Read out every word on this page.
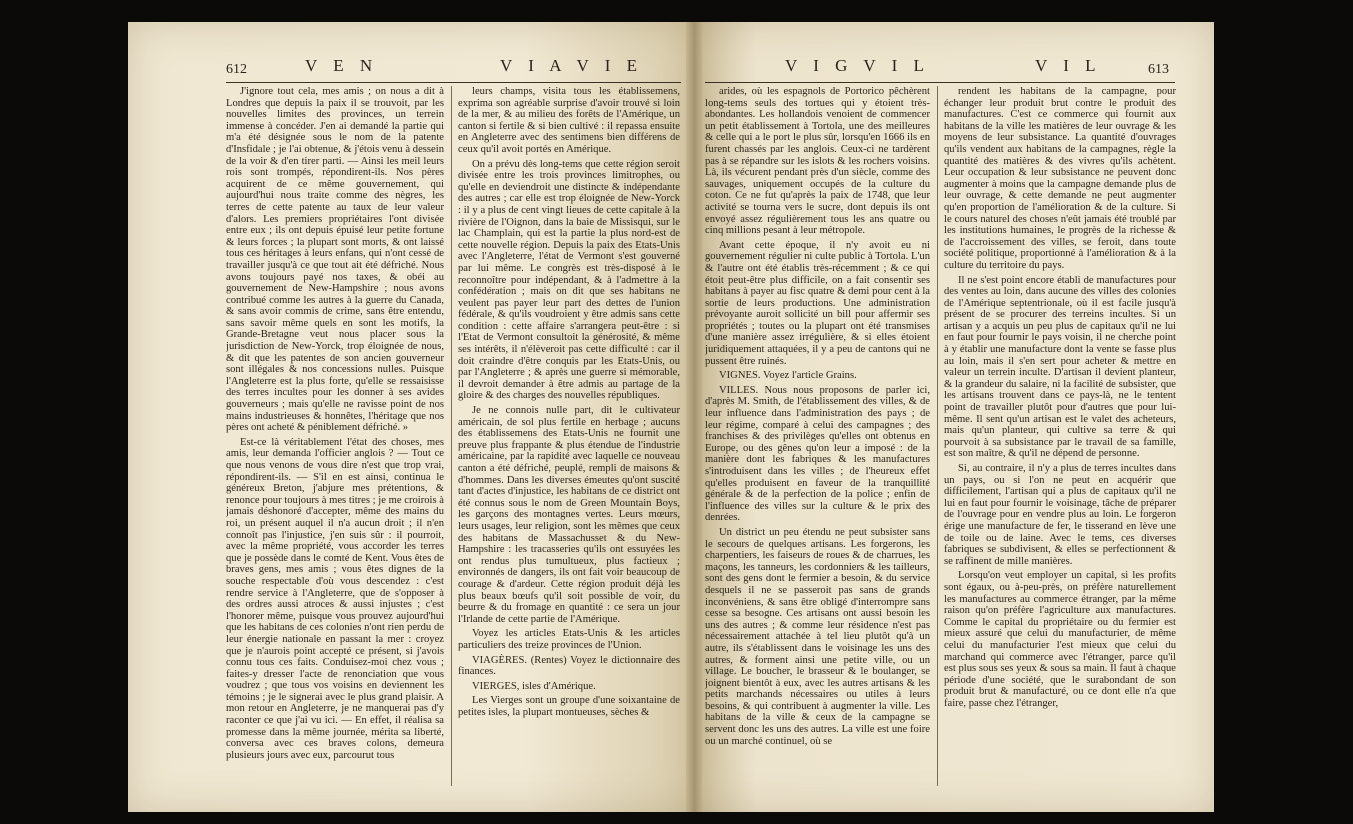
612	V E N	V I A V I E	V I G V I L	V I L	613

J'ignore tout cela, mes amis ; on nous a dit à Londres que depuis la paix il se trouvoit, par les nouvelles limites des provinces, un terrein immense à concéder. J'en ai demandé la partie qui m'a été désignée sous le nom de la patente d'Insfidale ; je l'ai obtenue, & j'étois venu à dessein de la voir & d'en tirer parti. — Ainsi les meil leurs rois sont trompés, répondirent-ils. Nos pères acquirent de ce même gouvernement, qui aujourd'hui nous traite comme des nègres, les terres de cette patente au taux de leur valeur d'alors. Les premiers propriétaires l'ont divisée entre eux ; ils ont depuis épuisé leur petite fortune & leurs forces ; la plupart sont morts, & ont laissé tous ces héritages à leurs enfans, qui n'ont cessé de travailler jusqu'à ce que tout ait été défriché. Nous avons toujours payé nos taxes, & obéi au gouvernement de New-Hampshire ; nous avons contribué comme les autres à la guerre du Canada, & sans avoir commis de crime, sans être entendu, sans savoir même quels en sont les motifs, la Grande-Bretagne veut nous placer sous la jurisdiction de New-Yorck, trop éloignée de nous, & dit que les patentes de son ancien gouverneur sont illégales & nos concessions nulles. Puisque l'Angleterre est la plus forte, qu'elle se ressaisisse des terres incultes pour les donner à ses avides gouverneurs ; mais qu'elle ne ravisse point de nos mains industrieuses & honnêtes, l'héritage que nos pères ont acheté & péniblement défriché. »

Est-ce là véritablement l'état des choses, mes amis, leur demanda l'officier anglois ? — Tout ce que nous venons de vous dire n'est que trop vrai, répondirent-ils. — S'il en est ainsi, continua le généreux Breton, j'abjure mes prétentions, & renonce pour toujours à mes titres ; je me croirois à jamais déshonoré d'accepter, même des mains du roi, un présent auquel il n'a aucun droit ; il n'en connoît pas l'injustice, j'en suis sûr : il pourroit, avec la même propriété, vous accorder les terres que je possède dans le comté de Kent. Vous êtes de braves gens, mes amis ; vous êtes dignes de la souche respectable d'où vous descendez : c'est rendre service à l'Angleterre, que de s'opposer à des ordres aussi atroces & aussi injustes ; c'est l'honorer même, puisque vous prouvez aujourd'hui que les habitans de ces colonies n'ont rien perdu de leur énergie nationale en passant la mer : croyez que je n'aurois point accepté ce présent, si j'avois connu tous ces faits. Conduisez-moi chez vous ; faites-y dresser l'acte de renonciation que vous voudrez ; que tous vos voisins en deviennent les témoins ; je le signerai avec le plus grand plaisir. A mon retour en Angleterre, je ne manquerai pas d'y raconter ce que j'ai vu ici. — En effet, il réalisa sa promesse dans la même journée, mérita sa liberté, conversa avec ces braves colons, demeura plusieurs jours avec eux, parcourut tous

leurs champs, visita tous les établissemens, exprima son agréable surprise d'avoir trouvé si loin de la mer, & au milieu des forêts de l'Amérique, un canton si fertile & si bien cultivé : il repassa ensuite en Angleterre avec des sentimens bien différens de ceux qu'il avoit portés en Amérique.

On a prévu dès long-tems que cette région seroit divisée entre les trois provinces limitrophes, ou qu'elle en deviendroit une distincte & indépendante des autres ; car elle est trop éloignée de New-Yorck : il y a plus de cent vingt lieues de cette capitale à la rivière de l'Oignon, dans la baie de Missisqui, sur le lac Champlain, qui est la partie la plus nord-est de cette nouvelle région. Depuis la paix des Etats-Unis avec l'Angleterre, l'état de Vermont s'est gouverné par lui même. Le congrès est très-disposé à le reconnoître pour indépendant, & à l'admettre à la confédération ; mais on dit que ses habitans ne veulent pas payer leur part des dettes de l'union fédérale, & qu'ils voudroient y être admis sans cette condition : cette affaire s'arrangera peut-être : si l'Etat de Vermont consultoit la générosité, & même ses intérêts, il n'élèveroit pas cette difficulté : car il doit craindre d'être conquis par les Etats-Unis, ou par l'Angleterre ; & après une guerre si mémorable, il devroit demander à être admis au partage de la gloire & des charges des nouvelles républiques.

Je ne connois nulle part, dit le cultivateur américain, de sol plus fertile en herbage ; aucuns des établissemens des Etats-Unis ne fournit une preuve plus frappante & plus étendue de l'industrie américaine, par la rapidité avec laquelle ce nouveau canton a été défriché, peuplé, rempli de maisons & d'hommes. Dans les diverses émeutes qu'ont suscité tant d'actes d'injustice, les habitans de ce district ont été connus sous le nom de Green Mountain Boys, les garçons des montagnes vertes. Leurs mœurs, leurs usages, leur religion, sont les mêmes que ceux des habitans de Massachusset & du New-Hampshire : les tracasseries qu'ils ont essuyées les ont rendus plus tumultueux, plus factieux ; environnés de dangers, ils ont fait voir beaucoup de courage & d'ardeur. Cette région produit déjà les plus beaux bœufs qu'il soit possible de voir, du beurre & du fromage en quantité : ce sera un jour l'Irlande de cette partie de l'Amérique.

Voyez les articles Etats-Unis & les articles particuliers des treize provinces de l'Union.

VIAGÈRES. (Rentes) Voyez le dictionnaire des finances.

VIERGES, isles d'Amérique.

Les Vierges sont un groupe d'une soixantaine de petites isles, la plupart montueuses, sèches &

arides, où les espagnols de Portorico pêchèrent long-tems seuls des tortues qui y étoient très-abondantes. Les hollandois venoient de commencer un petit établissement à Tortola, une des meilleures & celle qui a le port le plus sûr, lorsqu'en 1666 ils en furent chassés par les anglois. Ceux-ci ne tardèrent pas à se répandre sur les islots & les rochers voisins. Là, ils vécurent pendant près d'un siècle, comme des sauvages, uniquement occupés de la culture du coton. Ce ne fut qu'après la paix de 1748, que leur activité se tourna vers le sucre, dont depuis ils ont envoyé assez régulièrement tous les ans quatre ou cinq millions pesant à leur métropole.

Avant cette époque, il n'y avoit eu ni gouvernement régulier ni culte public à Tortola. L'un & l'autre ont été établis très-récemment ; & ce qui étoit peut-être plus difficile, on a fait consentir ses habitans à payer au fisc quatre & demi pour cent à la sortie de leurs productions. Une administration prévoyante auroit sollicité un bill pour affermir ses propriétés ; toutes ou la plupart ont été transmises d'une manière assez irrégulière, & si elles étoient juridiquement attaquées, il y a peu de cantons qui ne pussent être ruinés.

VIGNES. Voyez l'article Grains.

VILLES. Nous nous proposons de parler ici, d'après M. Smith, de l'établissement des villes, & de leur influence dans l'administration des pays ; de leur régime, comparé à celui des campagnes ; des franchises & des privilèges qu'elles ont obtenus en Europe, ou des gênes qu'on leur a imposé : de la manière dont les fabriques & les manufactures s'introduisent dans les villes ; de l'heureux effet qu'elles produisent en faveur de la tranquillité générale & de la perfection de la police ; enfin de l'influence des villes sur la culture & le prix des denrées.

Un district un peu étendu ne peut subsister sans le secours de quelques artisans. Les forgerons, les charpentiers, les faiseurs de roues & de charrues, les maçons, les tanneurs, les cordonniers & les tailleurs, sont des gens dont le fermier a besoin, & du service desquels il ne se passeroit pas sans de grands inconvéniens, & sans être obligé d'interrompre sans cesse sa besogne. Ces artisans ont aussi besoin les uns des autres ; & comme leur résidence n'est pas nécessairement attachée à tel lieu plutôt qu'à un autre, ils s'établissent dans le voisinage les uns des autres, & forment ainsi une petite ville, ou un village. Le boucher, le brasseur & le boulanger, se joignent bientôt à eux, avec les autres artisans & les petits marchands nécessaires ou utiles à leurs besoins, & qui contribuent à augmenter la ville. Les habitans de la ville & ceux de la campagne se servent donc les uns des autres. La ville est une foire ou un marché continuel, où se

rendent les habitans de la campagne, pour échanger leur produit brut contre le produit des manufactures. C'est ce commerce qui fournit aux habitans de la ville les matières de leur ouvrage & les moyens de leur subsistance. La quantité d'ouvrages qu'ils vendent aux habitans de la campagnes, règle la quantité des matières & des vivres qu'ils achètent. Leur occupation & leur subsistance ne peuvent donc augmenter à moins que la campagne demande plus de leur ouvrage, & cette demande ne peut augmenter qu'en proportion de l'amélioration & de la culture. Si le cours naturel des choses n'eût jamais été troublé par les institutions humaines, le progrès de la richesse & de l'accroissement des villes, se feroit, dans toute société politique, proportionné à l'amélioration & à la culture du territoire du pays.

Il ne s'est point encore établi de manufactures pour des ventes au loin, dans aucune des villes des colonies de l'Amérique septentrionale, où il est facile jusqu'à présent de se procurer des terreins incultes. Si un artisan y a acquis un peu plus de capitaux qu'il ne lui en faut pour fournir le pays voisin, il ne cherche point à y établir une manufacture dont la vente se fasse plus au loin, mais il s'en sert pour acheter & mettre en valeur un terrein inculte. D'artisan il devient planteur, & la grandeur du salaire, ni la facilité de subsister, que les artisans trouvent dans ce pays-là, ne le tentent point de travailler plutôt pour d'autres que pour lui-même. Il sent qu'un artisan est le valet des acheteurs, mais qu'un planteur, qui cultive sa terre & qui pourvoit à sa subsistance par le travail de sa famille, est son maître, & qu'il ne dépend de personne.

Si, au contraire, il n'y a plus de terres incultes dans un pays, ou si l'on ne peut en acquérir que difficilement, l'artisan qui a plus de capitaux qu'il ne lui en faut pour fournir le voisinage, tâche de préparer de l'ouvrage pour en vendre plus au loin. Le forgeron érige une manufacture de fer, le tisserand en lève une de toile ou de laine. Avec le tems, ces diverses fabriques se subdivisent, & elles se perfectionnent & se raffinent de mille manières.

Lorsqu'on veut employer un capital, si les profits sont égaux, ou à-peu-près, on préfère naturellement les manufactures au commerce étranger, par la même raison qu'on préfère l'agriculture aux manufactures. Comme le capital du propriétaire ou du fermier est mieux assuré que celui du manufacturier, de même celui du manufacturier l'est mieux que celui du marchand qui commerce avec l'étranger, parce qu'il est plus sous ses yeux & sous sa main. Il faut à chaque période d'une société, que le surabondant de son produit brut & manufacturé, ou ce dont elle n'a que faire, passe chez l'étranger,
